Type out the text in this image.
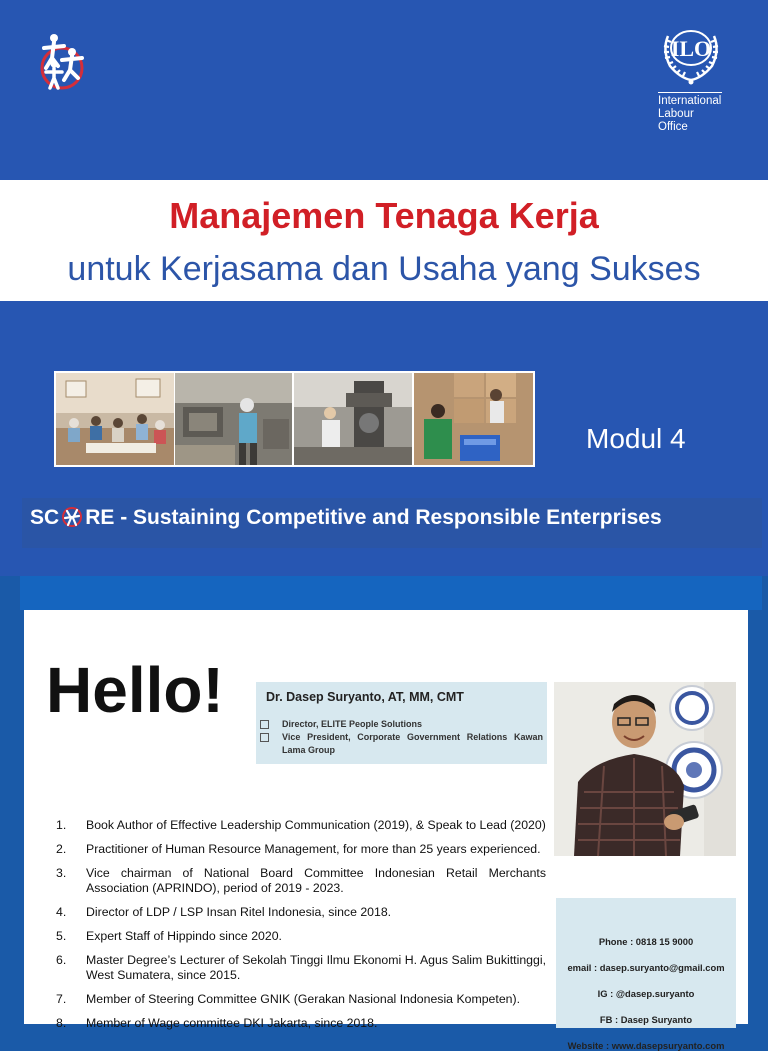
ILO
International
Labour
Office
Manajemen Tenaga Kerja
untuk Kerjasama dan Usaha yang Sukses
Modul 4
SC RE - Sustaining Competitive and Responsible Enterprises
Hello!	Dr. Dasep Suryanto, AT, MM, CMT
Director, ELITE People Solutions
Vice President, Corporate Government Relations Kawan Lama Group
1. Book Author of Effective Leadership Communication (2019), & Speak to Lead (2020)
2. Practitioner of Human Resource Management, for more than 25 years experienced.
3. Vice chairman of National Board Committee Indonesian Retail Merchants Association (APRINDO), period of 2019 - 2023.
4. Director of LDP / LSP Insan Ritel Indonesia, since 2018.
5. Expert Staff of Hippindo since 2020.
6. Master Degree’s Lecturer of Sekolah Tinggi Ilmu Ekonomi H. Agus Salim Bukittinggi, West Sumatera, since 2015.
7. Member of Steering Committee GNIK (Gerakan Nasional Indonesia Kompeten).
8. Member of Wage committee DKI Jakarta, since 2018.
Phone : 0818 15 9000
email : dasep.suryanto@gmail.com
IG : @dasep.suryanto
FB : Dasep Suryanto
Website : www.dasepsuryanto.com
